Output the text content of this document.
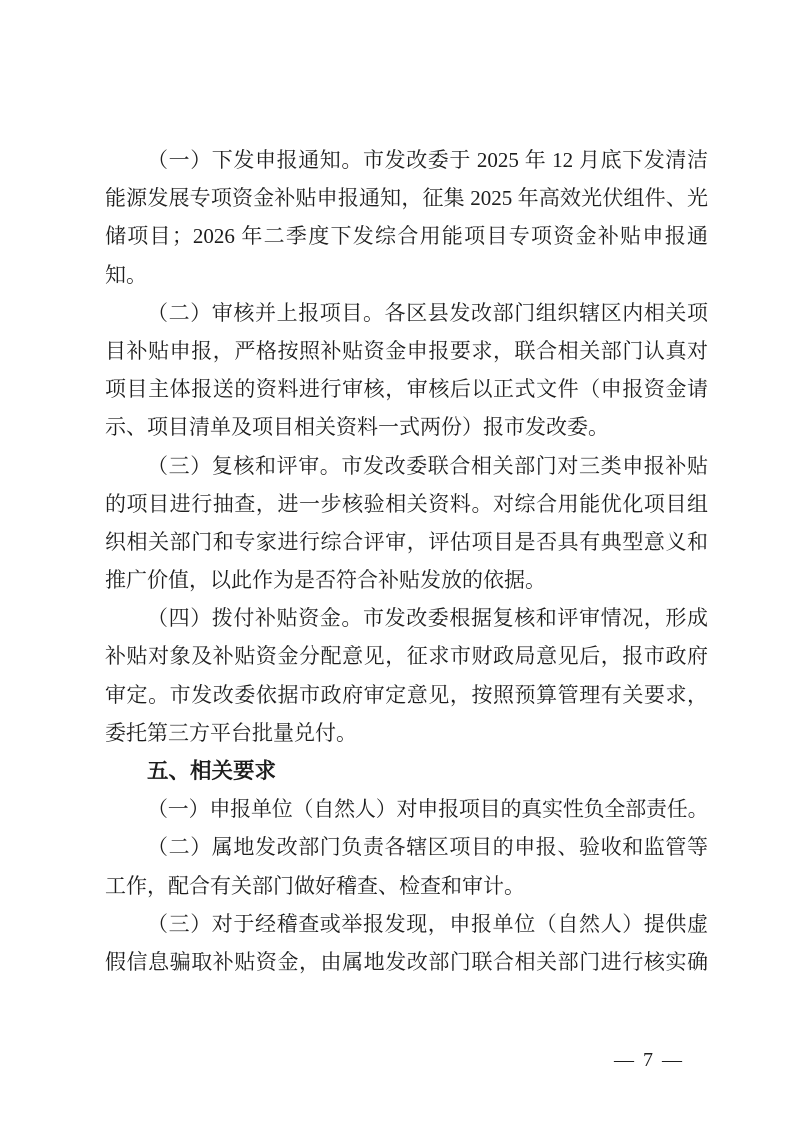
（一）下发申报通知。市发改委于 2025 年 12 月底下发清洁
能源发展专项资金补贴申报通知，征集 2025 年高效光伏组件、光
储项目；2026 年二季度下发综合用能项目专项资金补贴申报通
知。
（二）审核并上报项目。各区县发改部门组织辖区内相关项
目补贴申报，严格按照补贴资金申报要求，联合相关部门认真对
项目主体报送的资料进行审核，审核后以正式文件（申报资金请
示、项目清单及项目相关资料一式两份）报市发改委。
（三）复核和评审。市发改委联合相关部门对三类申报补贴
的项目进行抽查，进一步核验相关资料。对综合用能优化项目组
织相关部门和专家进行综合评审，评估项目是否具有典型意义和
推广价值，以此作为是否符合补贴发放的依据。
（四）拨付补贴资金。市发改委根据复核和评审情况，形成
补贴对象及补贴资金分配意见，征求市财政局意见后，报市政府
审定。市发改委依据市政府审定意见，按照预算管理有关要求，
委托第三方平台批量兑付。
五、相关要求
（一）申报单位（自然人）对申报项目的真实性负全部责任。
（二）属地发改部门负责各辖区项目的申报、验收和监管等
工作，配合有关部门做好稽查、检查和审计。
（三）对于经稽查或举报发现，申报单位（自然人）提供虚
假信息骗取补贴资金，由属地发改部门联合相关部门进行核实确
— 7 —
